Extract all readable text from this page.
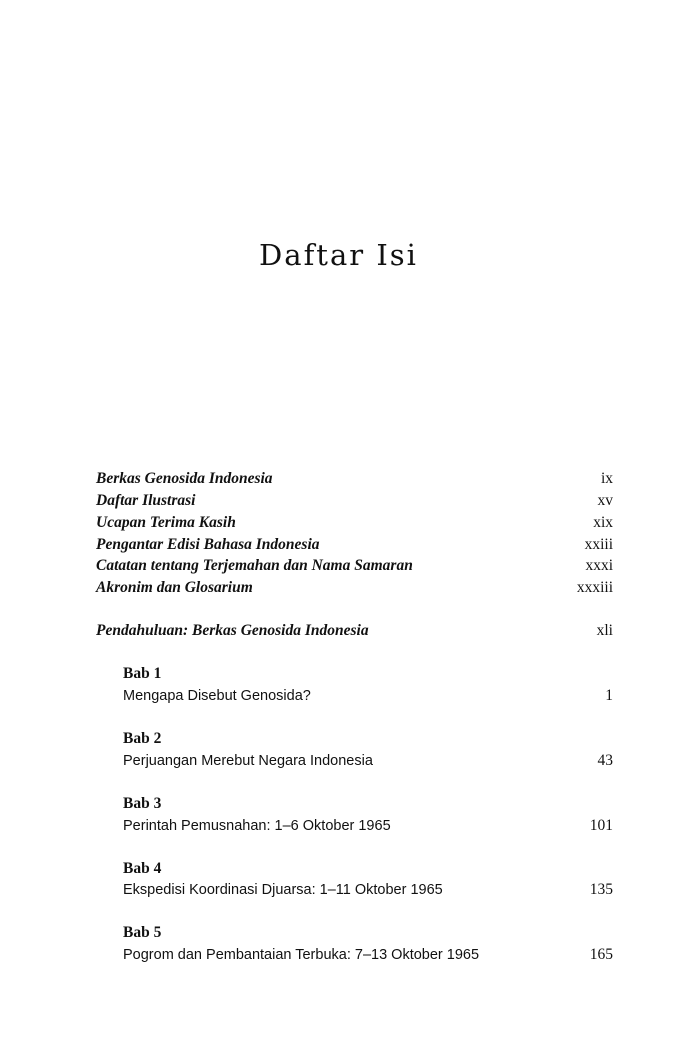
Daftar Isi
Berkas Genosida Indonesia	ix
Daftar Ilustrasi	xv
Ucapan Terima Kasih	xix
Pengantar Edisi Bahasa Indonesia	xxiii
Catatan tentang Terjemahan dan Nama Samaran	xxxi
Akronim dan Glosarium	xxxiii
Pendahuluan: Berkas Genosida Indonesia	xli
Bab 1
Mengapa Disebut Genosida?	1
Bab 2
Perjuangan Merebut Negara Indonesia	43
Bab 3
Perintah Pemusnahan: 1–6 Oktober 1965	101
Bab 4
Ekspedisi Koordinasi Djuarsa: 1–11 Oktober 1965	135
Bab 5
Pogrom dan Pembantaian Terbuka: 7–13 Oktober 1965	165
